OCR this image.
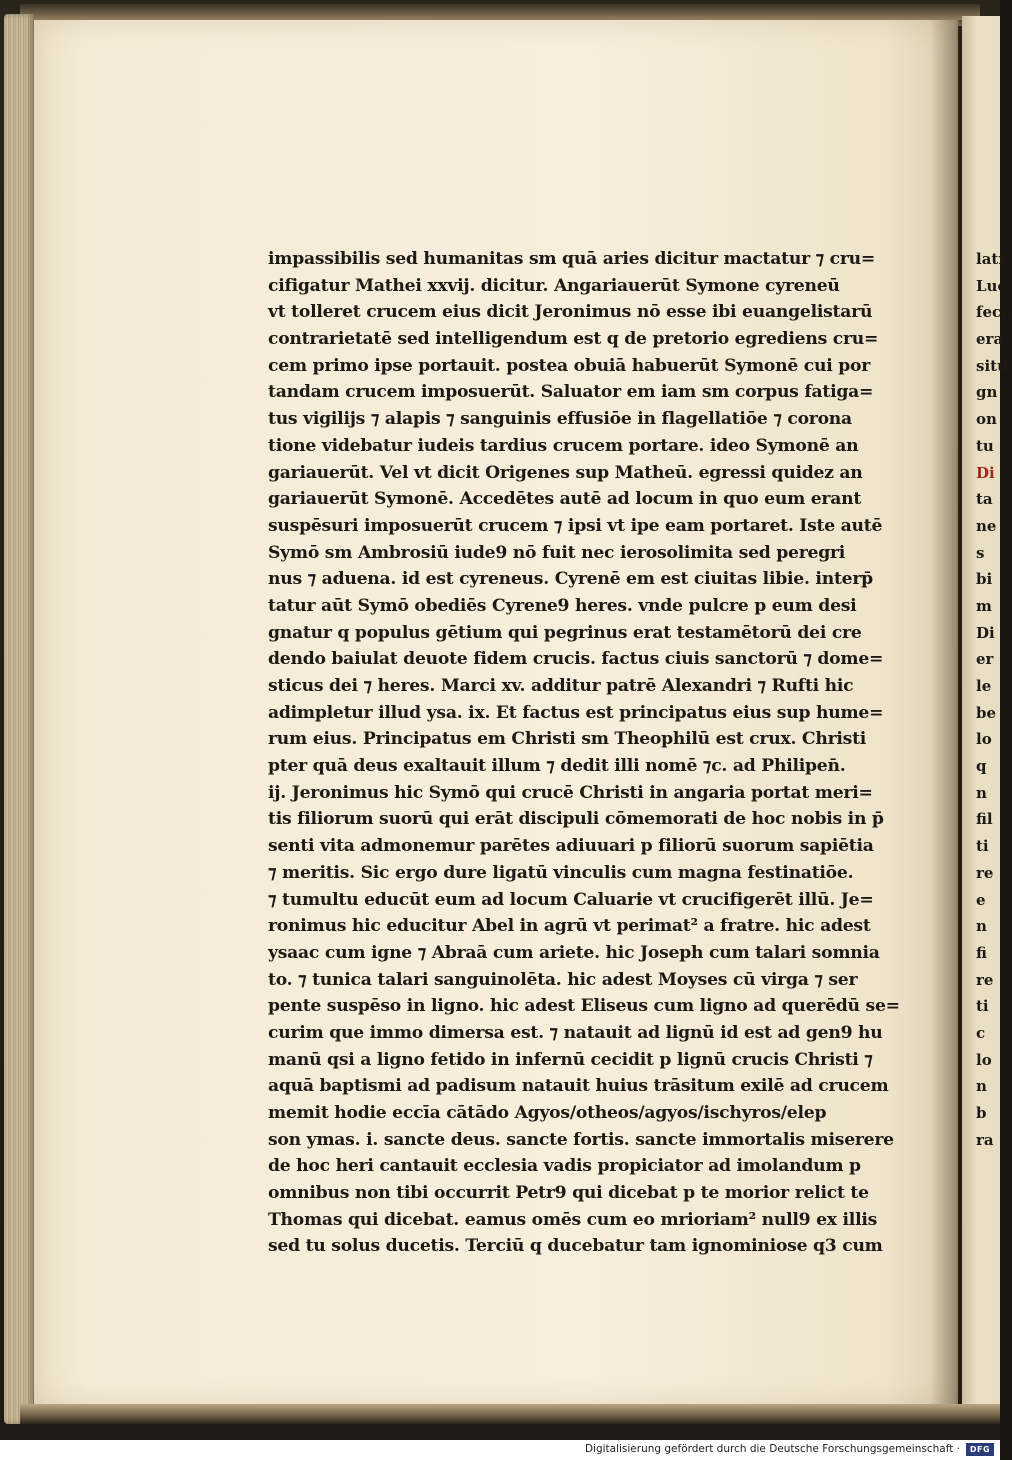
impassibilis sed humanitas sm quā aries dicitur mactatur ⁊ cru=
cifigatur Mathei xxvij. dicitur. Angariauerūt Symone cyreneū
vt tolleret crucem eius dicit Jeronimus nō esse ibi euangelistarū
contrarietatē sed intelligendum est q de pretorio egrediens cru=
cem primo ipse portauit. postea obuiā habuerūt Symonē cui por
tandam crucem imposuerūt. Saluator em iam sm corpus fatiga=
tus vigilijs ⁊ alapis ⁊ sanguinis effusiōe in flagellatiōe ⁊ corona
tione videbatur iudeis tardius crucem portare. ideo Symonē an
gariauerūt. Vel vt dicit Origenes sup Matheū. egressi quidez an
gariauerūt Symonē. Accedētes autē ad locum in quo eum erant
suspēsuri imposuerūt crucem ⁊ ipsi vt ipe eam portaret. Iste autē
Symō sm Ambrosiū iude9 nō fuit nec ierosolimita sed peregri
nus ⁊ aduena. id est cyreneus. Cyrenē em est ciuitas libie. interp̄
tatur aūt Symō obediēs Cyrene9 heres. vnde pulcre p eum desi
gnatur q populus gētium qui pegrinus erat testamētorū dei cre
dendo baiulat deuote fidem crucis. factus ciuis sanctorū ⁊ dome=
sticus dei ⁊ heres. Marci xv. additur patrē Alexandri ⁊ Rufti hic
adimpletur illud ysa. ix. Et factus est principatus eius sup hume=
rum eius. Principatus em Christi sm Theophilū est crux. Christi
pter quā deus exaltauit illum ⁊ dedit illi nomē ⁊c. ad Philipen̄.
ij. Jeronimus hic Symō qui crucē Christi in angaria portat meri=
tis filiorum suorū qui erāt discipuli cōmemorati de hoc nobis in p̄
senti vita admonemur parētes adiuuari p filiorū suorum sapiētia
⁊ meritis. Sic ergo dure ligatū vinculis cum magna festinatiōe.
⁊ tumultu educūt eum ad locum Caluarie vt crucifigerēt illū. Je=
ronimus hic educitur Abel in agrū vt perimat² a fratre. hic adest
ysaac cum igne ⁊ Abraā cum ariete. hic Joseph cum talari somnia
to. ⁊ tunica talari sanguinolēta. hic adest Moyses cū virga ⁊ ser
pente suspēso in ligno. hic adest Eliseus cum ligno ad querēdū se=
curim que immo dimersa est. ⁊ natauit ad lignū id est ad gen9 hu
manū qsi a ligno fetido in infernū cecidit p lignū crucis Christi ⁊
aquā baptismi ad padisum natauit huius trāsitum exilē ad crucem
memit hodie eccīa cātādo Agyos/otheos/agyos/ischyros/elep
son ymas. i. sancte deus. sancte fortis. sancte immortalis miserere
de hoc heri cantauit ecclesia vadis propiciator ad imolandum p
omnibus non tibi occurrit Petr9 qui dicebat p te morior relict te
Thomas qui dicebat. eamus omēs cum eo mrioriam² null9 ex illis
sed tu solus ducetis. Terciū q ducebatur tam ignominiose q3 cum
latr
Luc
fecu
era
situ
gn
on
tu
Di
ta
ne
s
bi
m
Di
er
le
be
lo
q
n
fil
ti
re
e
n
fi
re
ti
c
lo
n
b
ra
Digitalisierung gefördert durch die Deutsche Forschungsgemeinschaft ·	DFG
